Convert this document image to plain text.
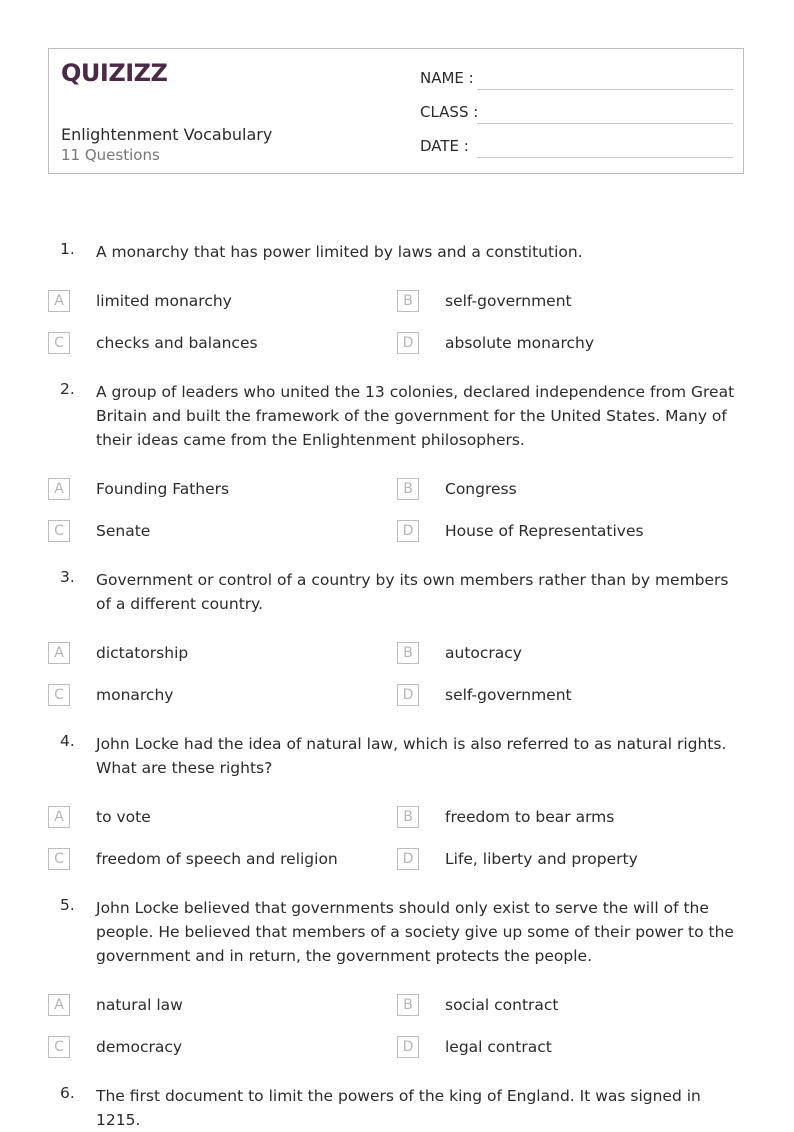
QUIZIZZ
Enlightenment Vocabulary
11 Questions
NAME :
CLASS :
DATE :
1. A monarchy that has power limited by laws and a constitution.
A	limited monarchy	B	self-government
C	checks and balances	D	absolute monarchy
2. A group of leaders who united the 13 colonies, declared independence from Great Britain and built the framework of the government for the United States. Many of their ideas came from the Enlightenment philosophers.
A	Founding Fathers	B	Congress
C	Senate	D	House of Representatives
3. Government or control of a country by its own members rather than by members of a different country.
A	dictatorship	B	autocracy
C	monarchy	D	self-government
4. John Locke had the idea of natural law, which is also referred to as natural rights. What are these rights?
A	to vote	B	freedom to bear arms
C	freedom of speech and religion	D	Life, liberty and property
5. John Locke believed that governments should only exist to serve the will of the people. He believed that members of a society give up some of their power to the government and in return, the government protects the people.
A	natural law	B	social contract
C	democracy	D	legal contract
6. The first document to limit the powers of the king of England. It was signed in 1215.
